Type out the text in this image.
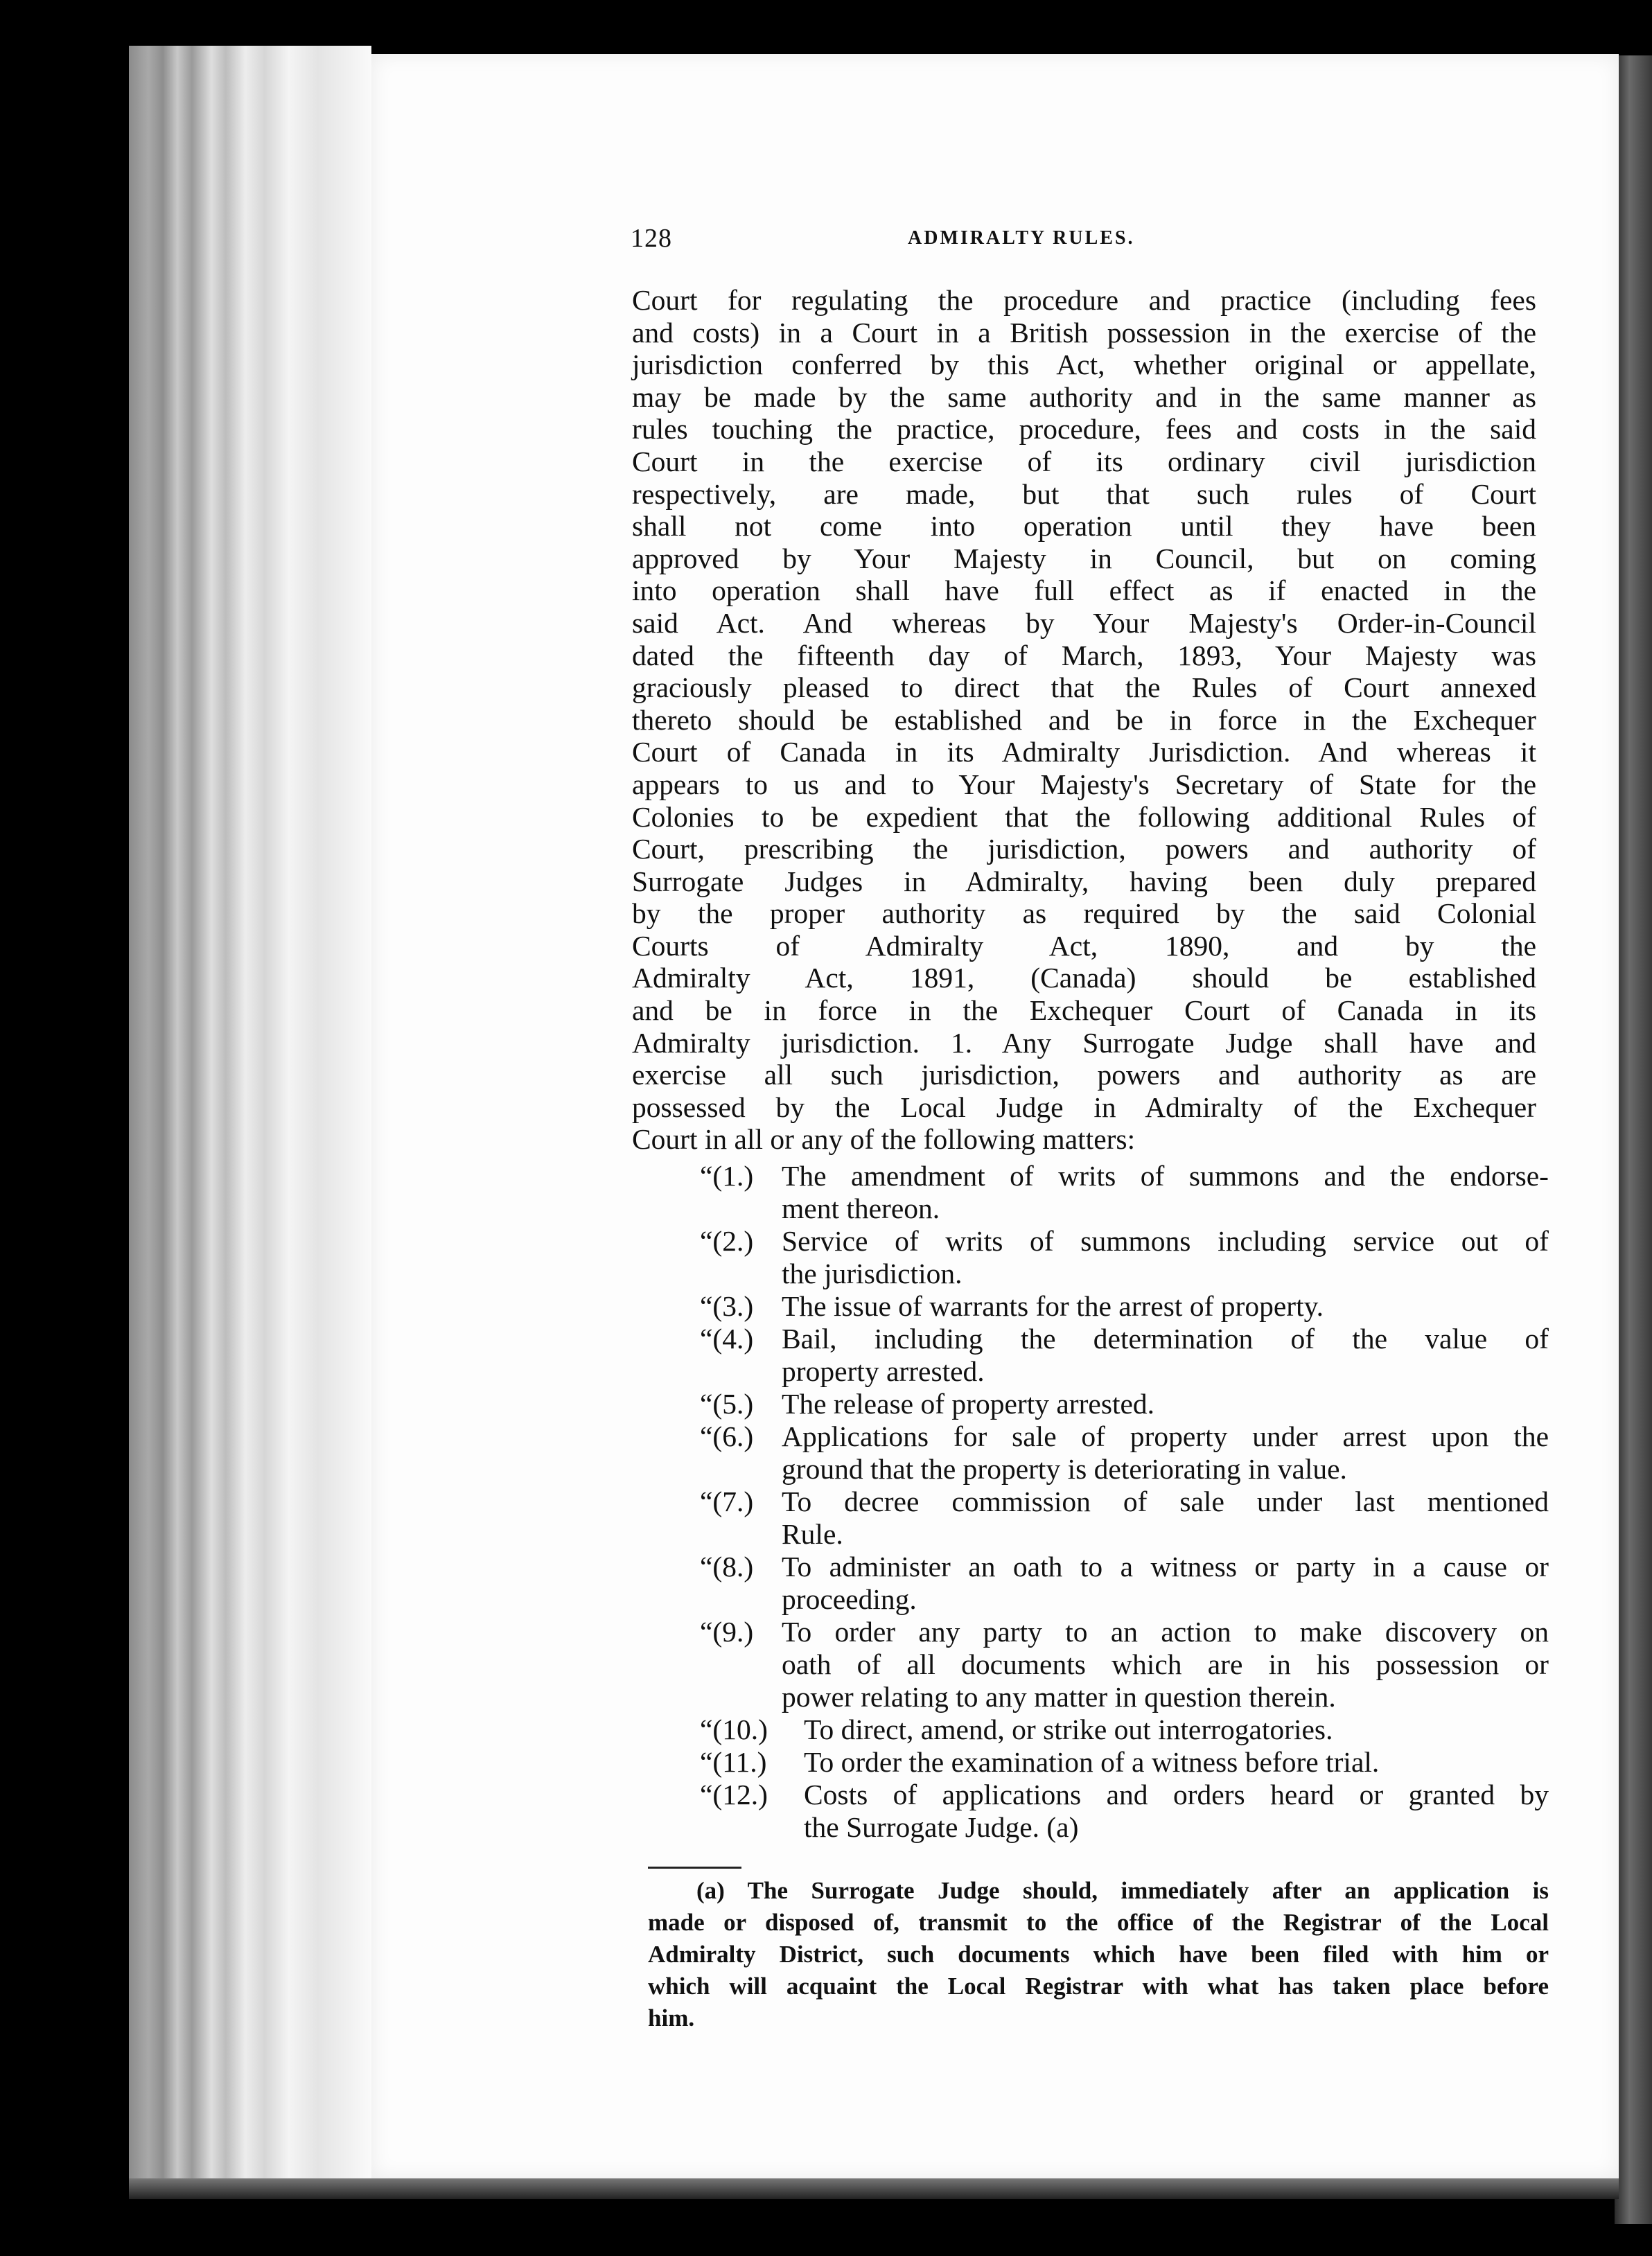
128	ADMIRALTY RULES.
Court for regulating the procedure and practice (including fees
and costs) in a Court in a British possession in the exercise of the
jurisdiction conferred by this Act, whether original or appellate,
may be made by the same authority and in the same manner as
rules touching the practice, procedure, fees and costs in the said
Court in the exercise of its ordinary civil jurisdiction
respectively, are made, but that such rules of Court
shall not come into operation until they have been
approved by Your Majesty in Council, but on coming
into operation shall have full effect as if enacted in the
said Act. And whereas by Your Majesty's Order-in-Council
dated the fifteenth day of March, 1893, Your Majesty was
graciously pleased to direct that the Rules of Court annexed
thereto should be established and be in force in the Exchequer
Court of Canada in its Admiralty Jurisdiction. And whereas it
appears to us and to Your Majesty's Secretary of State for the
Colonies to be expedient that the following additional Rules of
Court, prescribing the jurisdiction, powers and authority of
Surrogate Judges in Admiralty, having been duly prepared
by the proper authority as required by the said Colonial
Courts of Admiralty Act, 1890, and by the
Admiralty Act, 1891, (Canada) should be established
and be in force in the Exchequer Court of Canada in its
Admiralty jurisdiction. 1. Any Surrogate Judge shall have and
exercise all such jurisdiction, powers and authority as are
possessed by the Local Judge in Admiralty of the Exchequer
Court in all or any of the following matters:
“(1.) The amendment of writs of summons and the endorse-
ment thereon.
“(2.) Service of writs of summons including service out of
the jurisdiction.
“(3.) The issue of warrants for the arrest of property.
“(4.) Bail, including the determination of the value of
property arrested.
“(5.) The release of property arrested.
“(6.) Applications for sale of property under arrest upon the
ground that the property is deteriorating in value.
“(7.) To decree commission of sale under last mentioned
Rule.
“(8.) To administer an oath to a witness or party in a cause or
proceeding.
“(9.) To order any party to an action to make discovery on
oath of all documents which are in his possession or
power relating to any matter in question therein.
“(10.) To direct, amend, or strike out interrogatories.
“(11.) To order the examination of a witness before trial.
“(12.) Costs of applications and orders heard or granted by
the Surrogate Judge. (a)
(a) The Surrogate Judge should, immediately after an application is
made or disposed of, transmit to the office of the Registrar of the Local
Admiralty District, such documents which have been filed with him or
which will acquaint the Local Registrar with what has taken place before
him.
